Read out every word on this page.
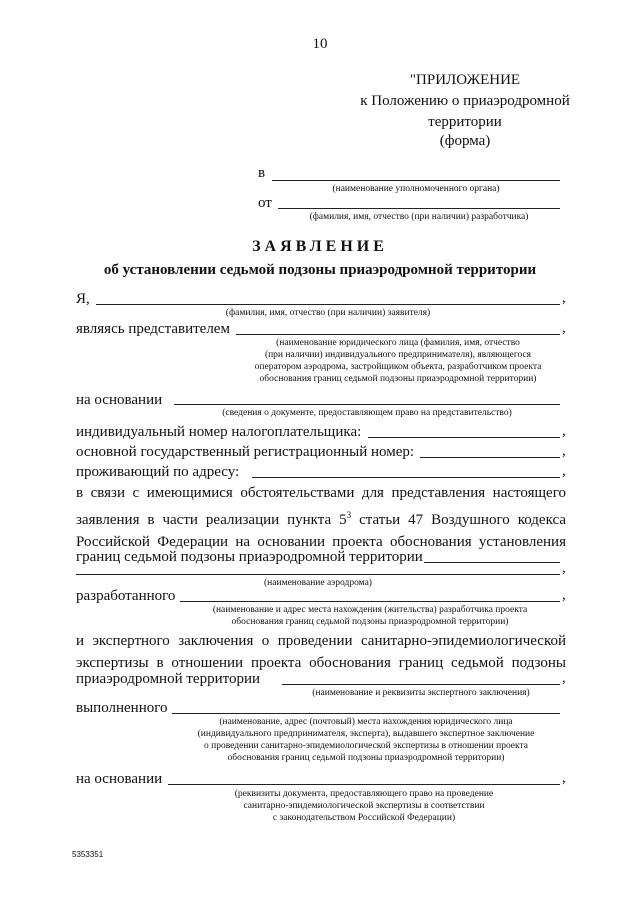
10
"ПРИЛОЖЕНИЕ
к Положению о приаэродромной
территории
(форма)
в
(наименование уполномоченного органа)
от
(фамилия, имя, отчество (при наличии) разработчика)
ЗАЯВЛЕНИЕ
об установлении седьмой подзоны приаэродромной территории
Я,	,
(фамилия, имя, отчество (при наличии) заявителя)
являясь представителем	,
(наименование юридического лица (фамилия, имя, отчество
(при наличии) индивидуального предпринимателя), являющегося
оператором аэродрома, застройщиком объекта, разработчиком проекта
обоснования границ седьмой подзоны приаэродромной территории)
на основании
(сведения о документе, предоставляющем право на представительство)
индивидуальный номер налогоплательщика:	,
основной государственный регистрационный номер:	,
проживающий по адресу:	,
в связи с имеющимися обстоятельствами для представления настоящего
заявления в части реализации пункта $5^3$ статьи 47 Воздушного кодекса
Российской Федерации на основании проекта обоснования установления
границ седьмой подзоны приаэродромной территории
,
(наименование аэродрома)
разработанного	,
(наименование и адрес места нахождения (жительства) разработчика проекта
обоснования границ седьмой подзоны приаэродромной территории)
и экспертного заключения о проведении санитарно-эпидемиологической
экспертизы в отношении проекта обоснования границ седьмой подзоны
приаэродромной территории	,
(наименование и реквизиты экспертного заключения)
выполненного
(наименование, адрес (почтовый) места нахождения юридического лица
(индивидуального предпринимателя, эксперта), выдавшего экспертное заключение
о проведении санитарно-эпидемиологической экспертизы в отношении проекта
обоснования границ седьмой подзоны приаэродромной территории)
на основании	,
(реквизиты документа, предоставляющего право на проведение
санитарно-эпидемиологической экспертизы в соответствии
с законодательством Российской Федерации)
5353351
